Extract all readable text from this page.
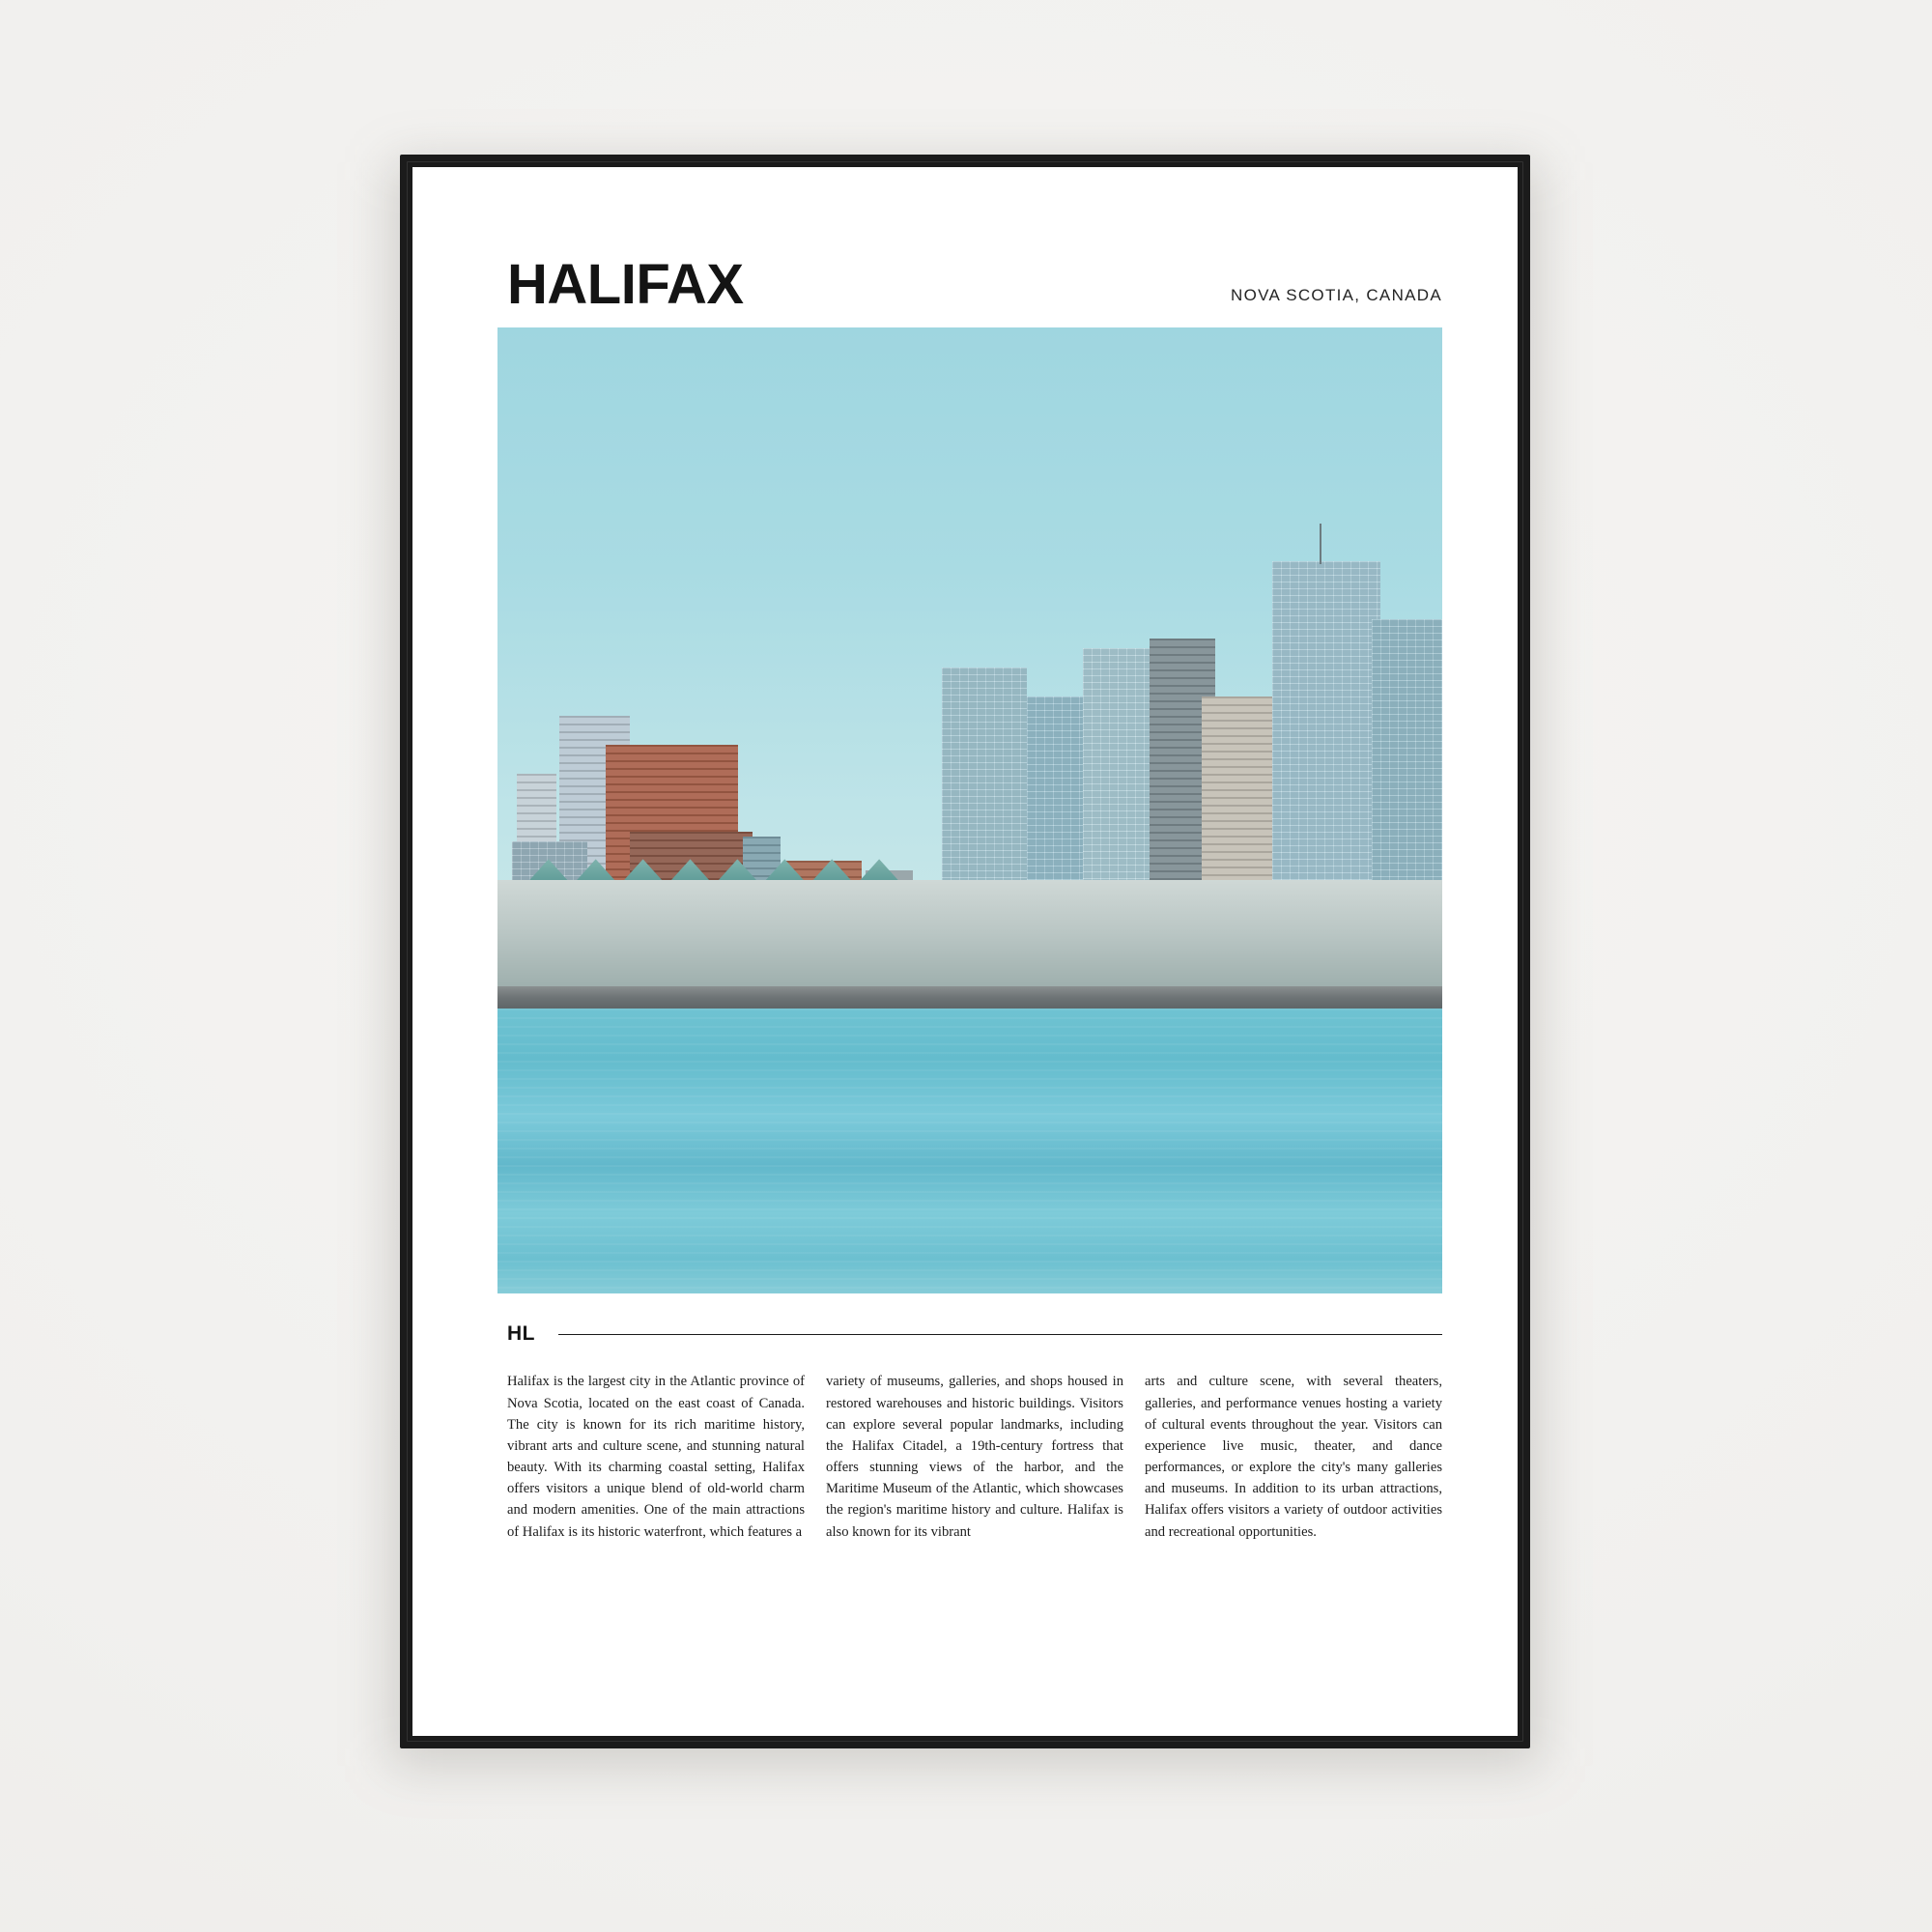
HALIFAX	NOVA SCOTIA, CANADA
HL
Halifax is the largest city in the Atlantic province of Nova Scotia, located on the east coast of Canada. The city is known for its rich maritime history, vibrant arts and culture scene, and stunning natural beauty. With its charming coastal setting, Halifax offers visitors a unique blend of old-world charm and modern amenities. One of the main attractions of Halifax is its historic waterfront, which features a
variety of museums, galleries, and shops housed in restored warehouses and historic buildings. Visitors can explore several popular landmarks, including the Halifax Citadel, a 19th-century fortress that offers stunning views of the harbor, and the Maritime Museum of the Atlantic, which showcases the region's maritime history and culture. Halifax is also known for its vibrant
arts and culture scene, with several theaters, galleries, and performance venues hosting a variety of cultural events throughout the year. Visitors can experience live music, theater, and dance performances, or explore the city's many galleries and museums. In addition to its urban attractions, Halifax offers visitors a variety of outdoor activities and recreational opportunities.
